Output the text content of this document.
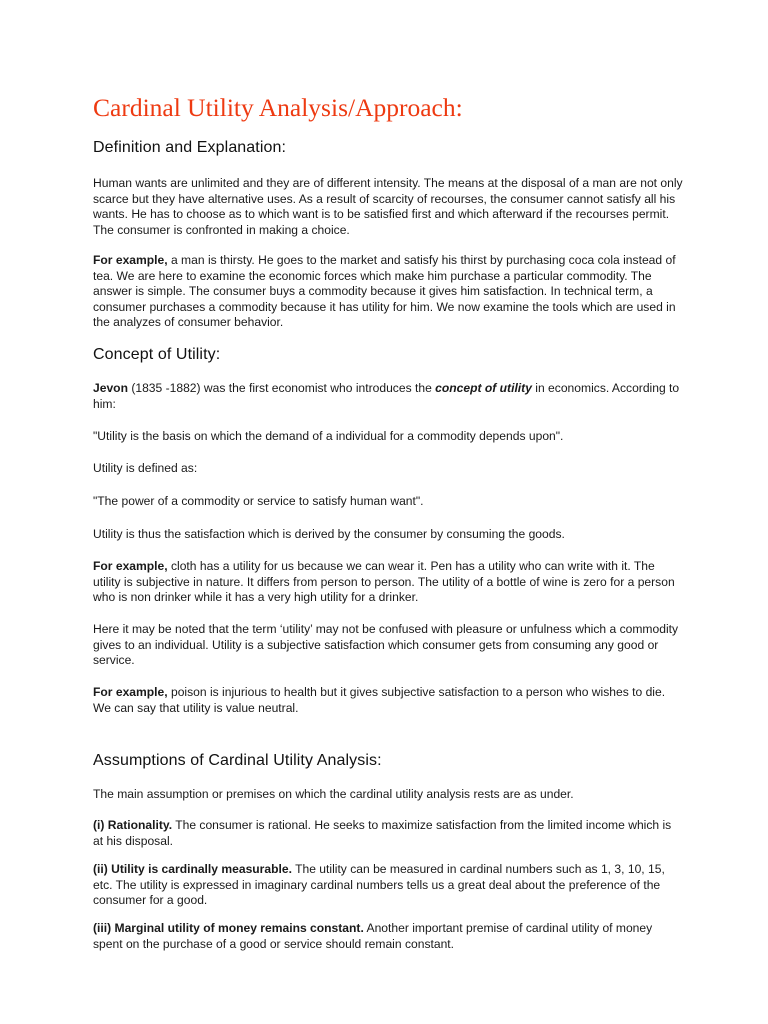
Cardinal Utility Analysis/Approach:
Definition and Explanation:

Human wants are unlimited and they are of different intensity. The means at the disposal of a man are not only scarce but they have alternative uses. As a result of scarcity of recourses, the consumer cannot satisfy all his wants. He has to choose as to which want is to be satisfied first and which afterward if the recourses permit. The consumer is confronted in making a choice.

For example, a man is thirsty. He goes to the market and satisfy his thirst by purchasing coca cola instead of tea. We are here to examine the economic forces which make him purchase a particular commodity. The answer is simple. The consumer buys a commodity because it gives him satisfaction. In technical term, a consumer purchases a commodity because it has utility for him. We now examine the tools which are used in the analyzes of consumer behavior.

Concept of Utility:

Jevon (1835 -1882) was the first economist who introduces the concept of utility in economics. According to him:

"Utility is the basis on which the demand of a individual for a commodity depends upon".

Utility is defined as:

"The power of a commodity or service to satisfy human want".

Utility is thus the satisfaction which is derived by the consumer by consuming the goods.

For example, cloth has a utility for us because we can wear it. Pen has a utility who can write with it. The utility is subjective in nature. It differs from person to person. The utility of a bottle of wine is zero for a person who is non drinker while it has a very high utility for a drinker.

Here it may be noted that the term ‘utility’ may not be confused with pleasure or unfulness which a commodity gives to an individual. Utility is a subjective satisfaction which consumer gets from consuming any good or service.

For example, poison is injurious to health but it gives subjective satisfaction to a person who wishes to die. We can say that utility is value neutral.

Assumptions of Cardinal Utility Analysis:

The main assumption or premises on which the cardinal utility analysis rests are as under.

(i) Rationality. The consumer is rational. He seeks to maximize satisfaction from the limited income which is at his disposal.

(ii) Utility is cardinally measurable. The utility can be measured in cardinal numbers such as 1, 3, 10, 15, etc. The utility is expressed in imaginary cardinal numbers tells us a great deal about the preference of the consumer for a good.

(iii) Marginal utility of money remains constant. Another important premise of cardinal utility of money spent on the purchase of a good or service should remain constant.
